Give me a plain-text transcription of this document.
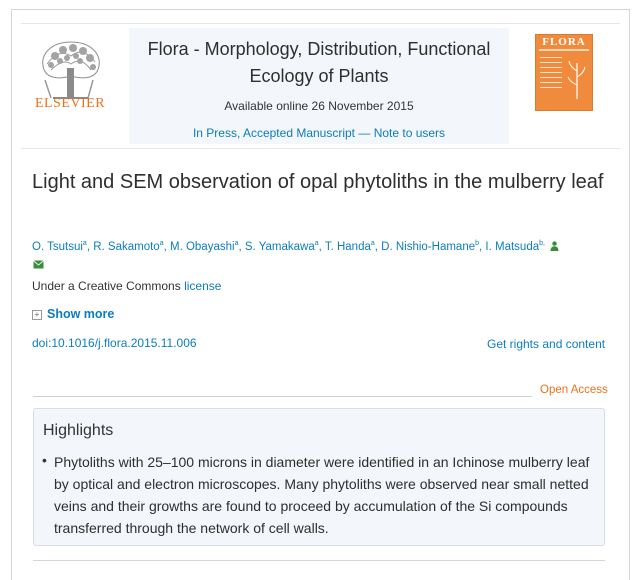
ELSEVIER
Flora - Morphology, Distribution, Functional Ecology of Plants
Available online 26 November 2015
In Press, Accepted Manuscript — Note to users
FLORA
Light and SEM observation of opal phytoliths in the mulberry leaf
O. Tsutsui$^a$, R. Sakamoto$^a$, M. Obayashi$^a$, S. Yamakawa$^a$, T. Handa$^a$, D. Nishio-Hamane$^b$, I. Matsuda$^{b,}$
Under a Creative Commons license
+ Show more
doi:10.1016/j.flora.2015.11.006	Get rights and content
Open Access
Highlights
• Phytoliths with 25–100 microns in diameter were identified in an Ichinose mulberry leaf by optical and electron microscopes. Many phytoliths were observed near small netted veins and their growths are found to proceed by accumulation of the Si compounds transferred through the network of cell walls.
